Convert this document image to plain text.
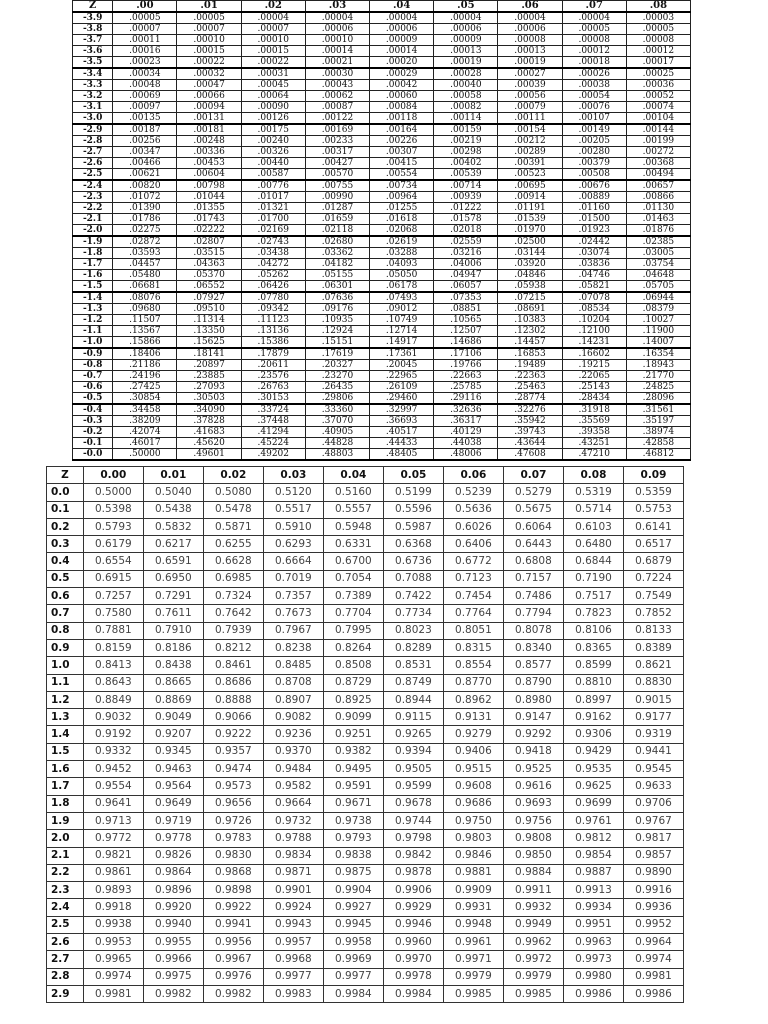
Z	.00	.01	.02	.03	.04	.05	.06	.07	.08
-3.9	.00005	.00005	.00004	.00004	.00004	.00004	.00004	.00004	.00003
-3.8	.00007	.00007	.00007	.00006	.00006	.00006	.00006	.00005	.00005
-3.7	.00011	.00010	.00010	.00010	.00009	.00009	.00008	.00008	.00008
-3.6	.00016	.00015	.00015	.00014	.00014	.00013	.00013	.00012	.00012
-3.5	.00023	.00022	.00022	.00021	.00020	.00019	.00019	.00018	.00017
-3.4	.00034	.00032	.00031	.00030	.00029	.00028	.00027	.00026	.00025
-3.3	.00048	.00047	.00045	.00043	.00042	.00040	.00039	.00038	.00036
-3.2	.00069	.00066	.00064	.00062	.00060	.00058	.00056	.00054	.00052
-3.1	.00097	.00094	.00090	.00087	.00084	.00082	.00079	.00076	.00074
-3.0	.00135	.00131	.00126	.00122	.00118	.00114	.00111	.00107	.00104
-2.9	.00187	.00181	.00175	.00169	.00164	.00159	.00154	.00149	.00144
-2.8	.00256	.00248	.00240	.00233	.00226	.00219	.00212	.00205	.00199
-2.7	.00347	.00336	.00326	.00317	.00307	.00298	.00289	.00280	.00272
-2.6	.00466	.00453	.00440	.00427	.00415	.00402	.00391	.00379	.00368
-2.5	.00621	.00604	.00587	.00570	.00554	.00539	.00523	.00508	.00494
-2.4	.00820	.00798	.00776	.00755	.00734	.00714	.00695	.00676	.00657
-2.3	.01072	.01044	.01017	.00990	.00964	.00939	.00914	.00889	.00866
-2.2	.01390	.01355	.01321	.01287	.01255	.01222	.01191	.01160	.01130
-2.1	.01786	.01743	.01700	.01659	.01618	.01578	.01539	.01500	.01463
-2.0	.02275	.02222	.02169	.02118	.02068	.02018	.01970	.01923	.01876
-1.9	.02872	.02807	.02743	.02680	.02619	.02559	.02500	.02442	.02385
-1.8	.03593	.03515	.03438	.03362	.03288	.03216	.03144	.03074	.03005
-1.7	.04457	.04363	.04272	.04182	.04093	.04006	.03920	.03836	.03754
-1.6	.05480	.05370	.05262	.05155	.05050	.04947	.04846	.04746	.04648
-1.5	.06681	.06552	.06426	.06301	.06178	.06057	.05938	.05821	.05705
-1.4	.08076	.07927	.07780	.07636	.07493	.07353	.07215	.07078	.06944
-1.3	.09680	.09510	.09342	.09176	.09012	.08851	.08691	.08534	.08379
-1.2	.11507	.11314	.11123	.10935	.10749	.10565	.10383	.10204	.10027
-1.1	.13567	.13350	.13136	.12924	.12714	.12507	.12302	.12100	.11900
-1.0	.15866	.15625	.15386	.15151	.14917	.14686	.14457	.14231	.14007
-0.9	.18406	.18141	.17879	.17619	.17361	.17106	.16853	.16602	.16354
-0.8	.21186	.20897	.20611	.20327	.20045	.19766	.19489	.19215	.18943
-0.7	.24196	.23885	.23576	.23270	.22965	.22663	.22363	.22065	.21770
-0.6	.27425	.27093	.26763	.26435	.26109	.25785	.25463	.25143	.24825
-0.5	.30854	.30503	.30153	.29806	.29460	.29116	.28774	.28434	.28096
-0.4	.34458	.34090	.33724	.33360	.32997	.32636	.32276	.31918	.31561
-0.3	.38209	.37828	.37448	.37070	.36693	.36317	.35942	.35569	.35197
-0.2	.42074	.41683	.41294	.40905	.40517	.40129	.39743	.39358	.38974
-0.1	.46017	.45620	.45224	.44828	.44433	.44038	.43644	.43251	.42858
-0.0	.50000	.49601	.49202	.48803	.48405	.48006	.47608	.47210	.46812
Z	0.00	0.01	0.02	0.03	0.04	0.05	0.06	0.07	0.08	0.09
0.0	0.5000	0.5040	0.5080	0.5120	0.5160	0.5199	0.5239	0.5279	0.5319	0.5359
0.1	0.5398	0.5438	0.5478	0.5517	0.5557	0.5596	0.5636	0.5675	0.5714	0.5753
0.2	0.5793	0.5832	0.5871	0.5910	0.5948	0.5987	0.6026	0.6064	0.6103	0.6141
0.3	0.6179	0.6217	0.6255	0.6293	0.6331	0.6368	0.6406	0.6443	0.6480	0.6517
0.4	0.6554	0.6591	0.6628	0.6664	0.6700	0.6736	0.6772	0.6808	0.6844	0.6879
0.5	0.6915	0.6950	0.6985	0.7019	0.7054	0.7088	0.7123	0.7157	0.7190	0.7224
0.6	0.7257	0.7291	0.7324	0.7357	0.7389	0.7422	0.7454	0.7486	0.7517	0.7549
0.7	0.7580	0.7611	0.7642	0.7673	0.7704	0.7734	0.7764	0.7794	0.7823	0.7852
0.8	0.7881	0.7910	0.7939	0.7967	0.7995	0.8023	0.8051	0.8078	0.8106	0.8133
0.9	0.8159	0.8186	0.8212	0.8238	0.8264	0.8289	0.8315	0.8340	0.8365	0.8389
1.0	0.8413	0.8438	0.8461	0.8485	0.8508	0.8531	0.8554	0.8577	0.8599	0.8621
1.1	0.8643	0.8665	0.8686	0.8708	0.8729	0.8749	0.8770	0.8790	0.8810	0.8830
1.2	0.8849	0.8869	0.8888	0.8907	0.8925	0.8944	0.8962	0.8980	0.8997	0.9015
1.3	0.9032	0.9049	0.9066	0.9082	0.9099	0.9115	0.9131	0.9147	0.9162	0.9177
1.4	0.9192	0.9207	0.9222	0.9236	0.9251	0.9265	0.9279	0.9292	0.9306	0.9319
1.5	0.9332	0.9345	0.9357	0.9370	0.9382	0.9394	0.9406	0.9418	0.9429	0.9441
1.6	0.9452	0.9463	0.9474	0.9484	0.9495	0.9505	0.9515	0.9525	0.9535	0.9545
1.7	0.9554	0.9564	0.9573	0.9582	0.9591	0.9599	0.9608	0.9616	0.9625	0.9633
1.8	0.9641	0.9649	0.9656	0.9664	0.9671	0.9678	0.9686	0.9693	0.9699	0.9706
1.9	0.9713	0.9719	0.9726	0.9732	0.9738	0.9744	0.9750	0.9756	0.9761	0.9767
2.0	0.9772	0.9778	0.9783	0.9788	0.9793	0.9798	0.9803	0.9808	0.9812	0.9817
2.1	0.9821	0.9826	0.9830	0.9834	0.9838	0.9842	0.9846	0.9850	0.9854	0.9857
2.2	0.9861	0.9864	0.9868	0.9871	0.9875	0.9878	0.9881	0.9884	0.9887	0.9890
2.3	0.9893	0.9896	0.9898	0.9901	0.9904	0.9906	0.9909	0.9911	0.9913	0.9916
2.4	0.9918	0.9920	0.9922	0.9924	0.9927	0.9929	0.9931	0.9932	0.9934	0.9936
2.5	0.9938	0.9940	0.9941	0.9943	0.9945	0.9946	0.9948	0.9949	0.9951	0.9952
2.6	0.9953	0.9955	0.9956	0.9957	0.9958	0.9960	0.9961	0.9962	0.9963	0.9964
2.7	0.9965	0.9966	0.9967	0.9968	0.9969	0.9970	0.9971	0.9972	0.9973	0.9974
2.8	0.9974	0.9975	0.9976	0.9977	0.9977	0.9978	0.9979	0.9979	0.9980	0.9981
2.9	0.9981	0.9982	0.9982	0.9983	0.9984	0.9984	0.9985	0.9985	0.9986	0.9986
